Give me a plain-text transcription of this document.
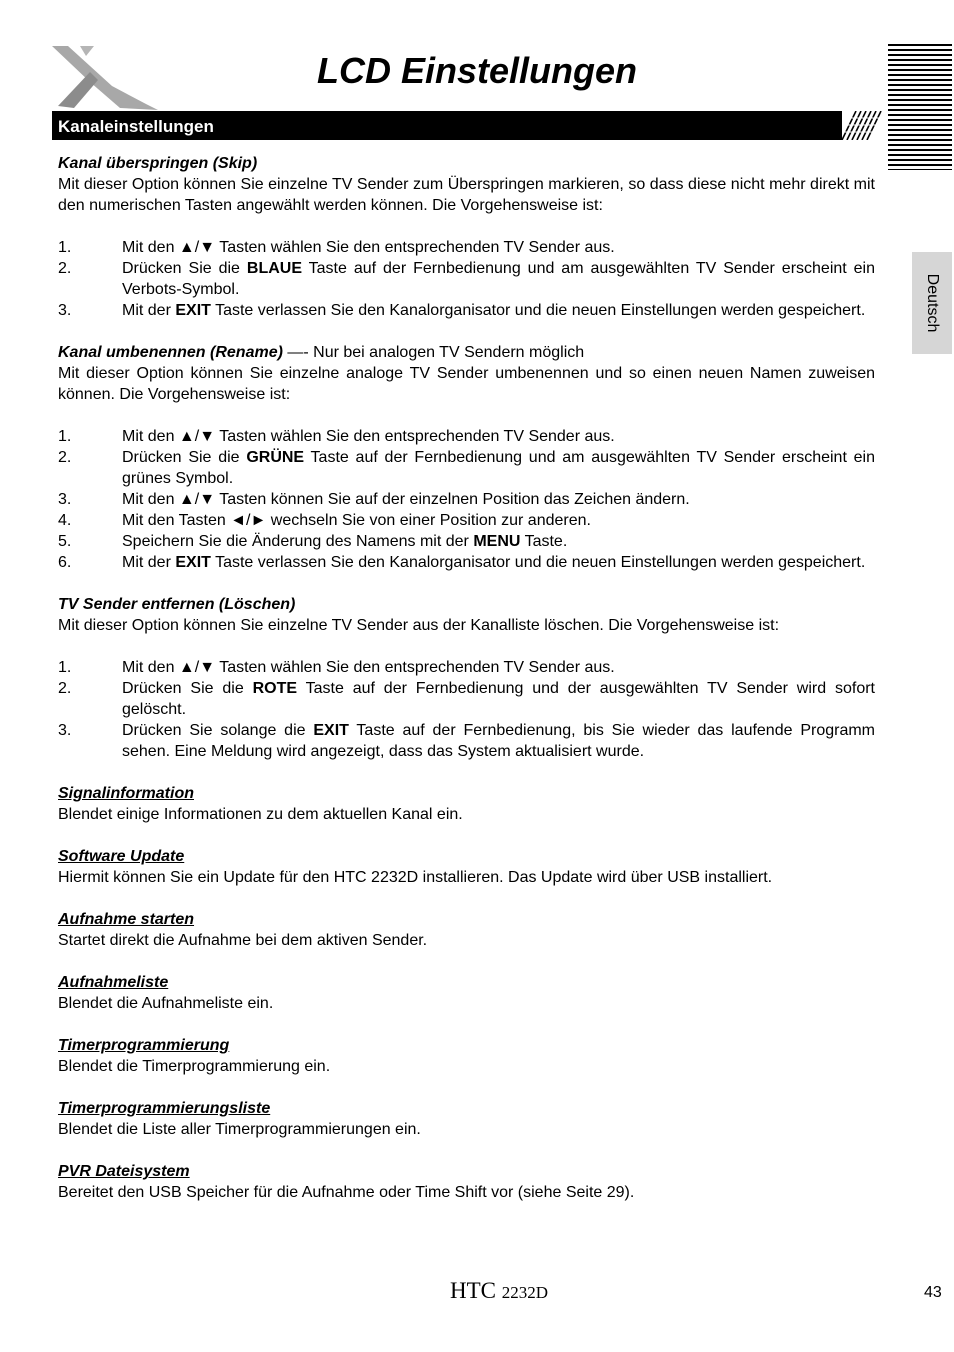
LCD Einstellungen
Kanaleinstellungen
Deutsch

Kanal überspringen (Skip)

Mit dieser Option können Sie einzelne TV Sender zum Überspringen markieren, so dass diese nicht mehr direkt mit den numerischen Tasten angewählt werden können. Die Vorgehensweise ist:

1.	Mit den ▲/▼ Tasten wählen Sie den entsprechenden TV Sender aus.
2.	Drücken Sie die BLAUE Taste auf der Fernbedienung und am ausgewählten TV Sender erscheint ein Verbots-Symbol.
3.	Mit der EXIT Taste verlassen Sie den Kanalorganisator und die neuen Einstellungen werden gespeichert.

Kanal umbenennen (Rename) —- Nur bei analogen TV Sendern möglich

Mit dieser Option können Sie einzelne analoge TV Sender umbenennen und so einen neuen Namen zuweisen können. Die Vorgehensweise ist:

1.	Mit den ▲/▼ Tasten wählen Sie den entsprechenden TV Sender aus.
2.	Drücken Sie die GRÜNE Taste auf der Fernbedienung und am ausgewählten TV Sender erscheint ein grünes Symbol.
3.	Mit den ▲/▼ Tasten können Sie auf der einzelnen Position das Zeichen ändern.
4.	Mit den Tasten ◄/► wechseln Sie von einer Position zur anderen.
5.	Speichern Sie die Änderung des Namens mit der MENU Taste.
6.	Mit der EXIT Taste verlassen Sie den Kanalorganisator und die neuen Einstellungen werden gespeichert.

TV Sender entfernen (Löschen)

Mit dieser Option können Sie einzelne TV Sender aus der Kanalliste löschen. Die Vorgehensweise ist:

1.	Mit den ▲/▼ Tasten wählen Sie den entsprechenden TV Sender aus.
2.	Drücken Sie die ROTE Taste auf der Fernbedienung und der ausgewählten TV Sender wird sofort gelöscht.
3.	Drücken Sie solange die EXIT Taste auf der Fernbedienung, bis Sie wieder das laufende Programm sehen. Eine Meldung wird angezeigt, dass das System aktualisiert wurde.

Signalinformation

Blendet einige Informationen zu dem aktuellen Kanal ein.

Software Update

Hiermit können Sie ein Update für den HTC 2232D installieren. Das Update wird über USB installiert.

Aufnahme starten

Startet direkt die Aufnahme bei dem aktiven Sender.

Aufnahmeliste

Blendet die Aufnahmeliste ein.

Timerprogrammierung

Blendet die Timerprogrammierung ein.

Timerprogrammierungsliste

Blendet die Liste aller Timerprogrammierungen ein.

PVR Dateisystem

Bereitet den USB Speicher für die Aufnahme oder Time Shift vor (siehe Seite 29).

HTC 2232D	43
